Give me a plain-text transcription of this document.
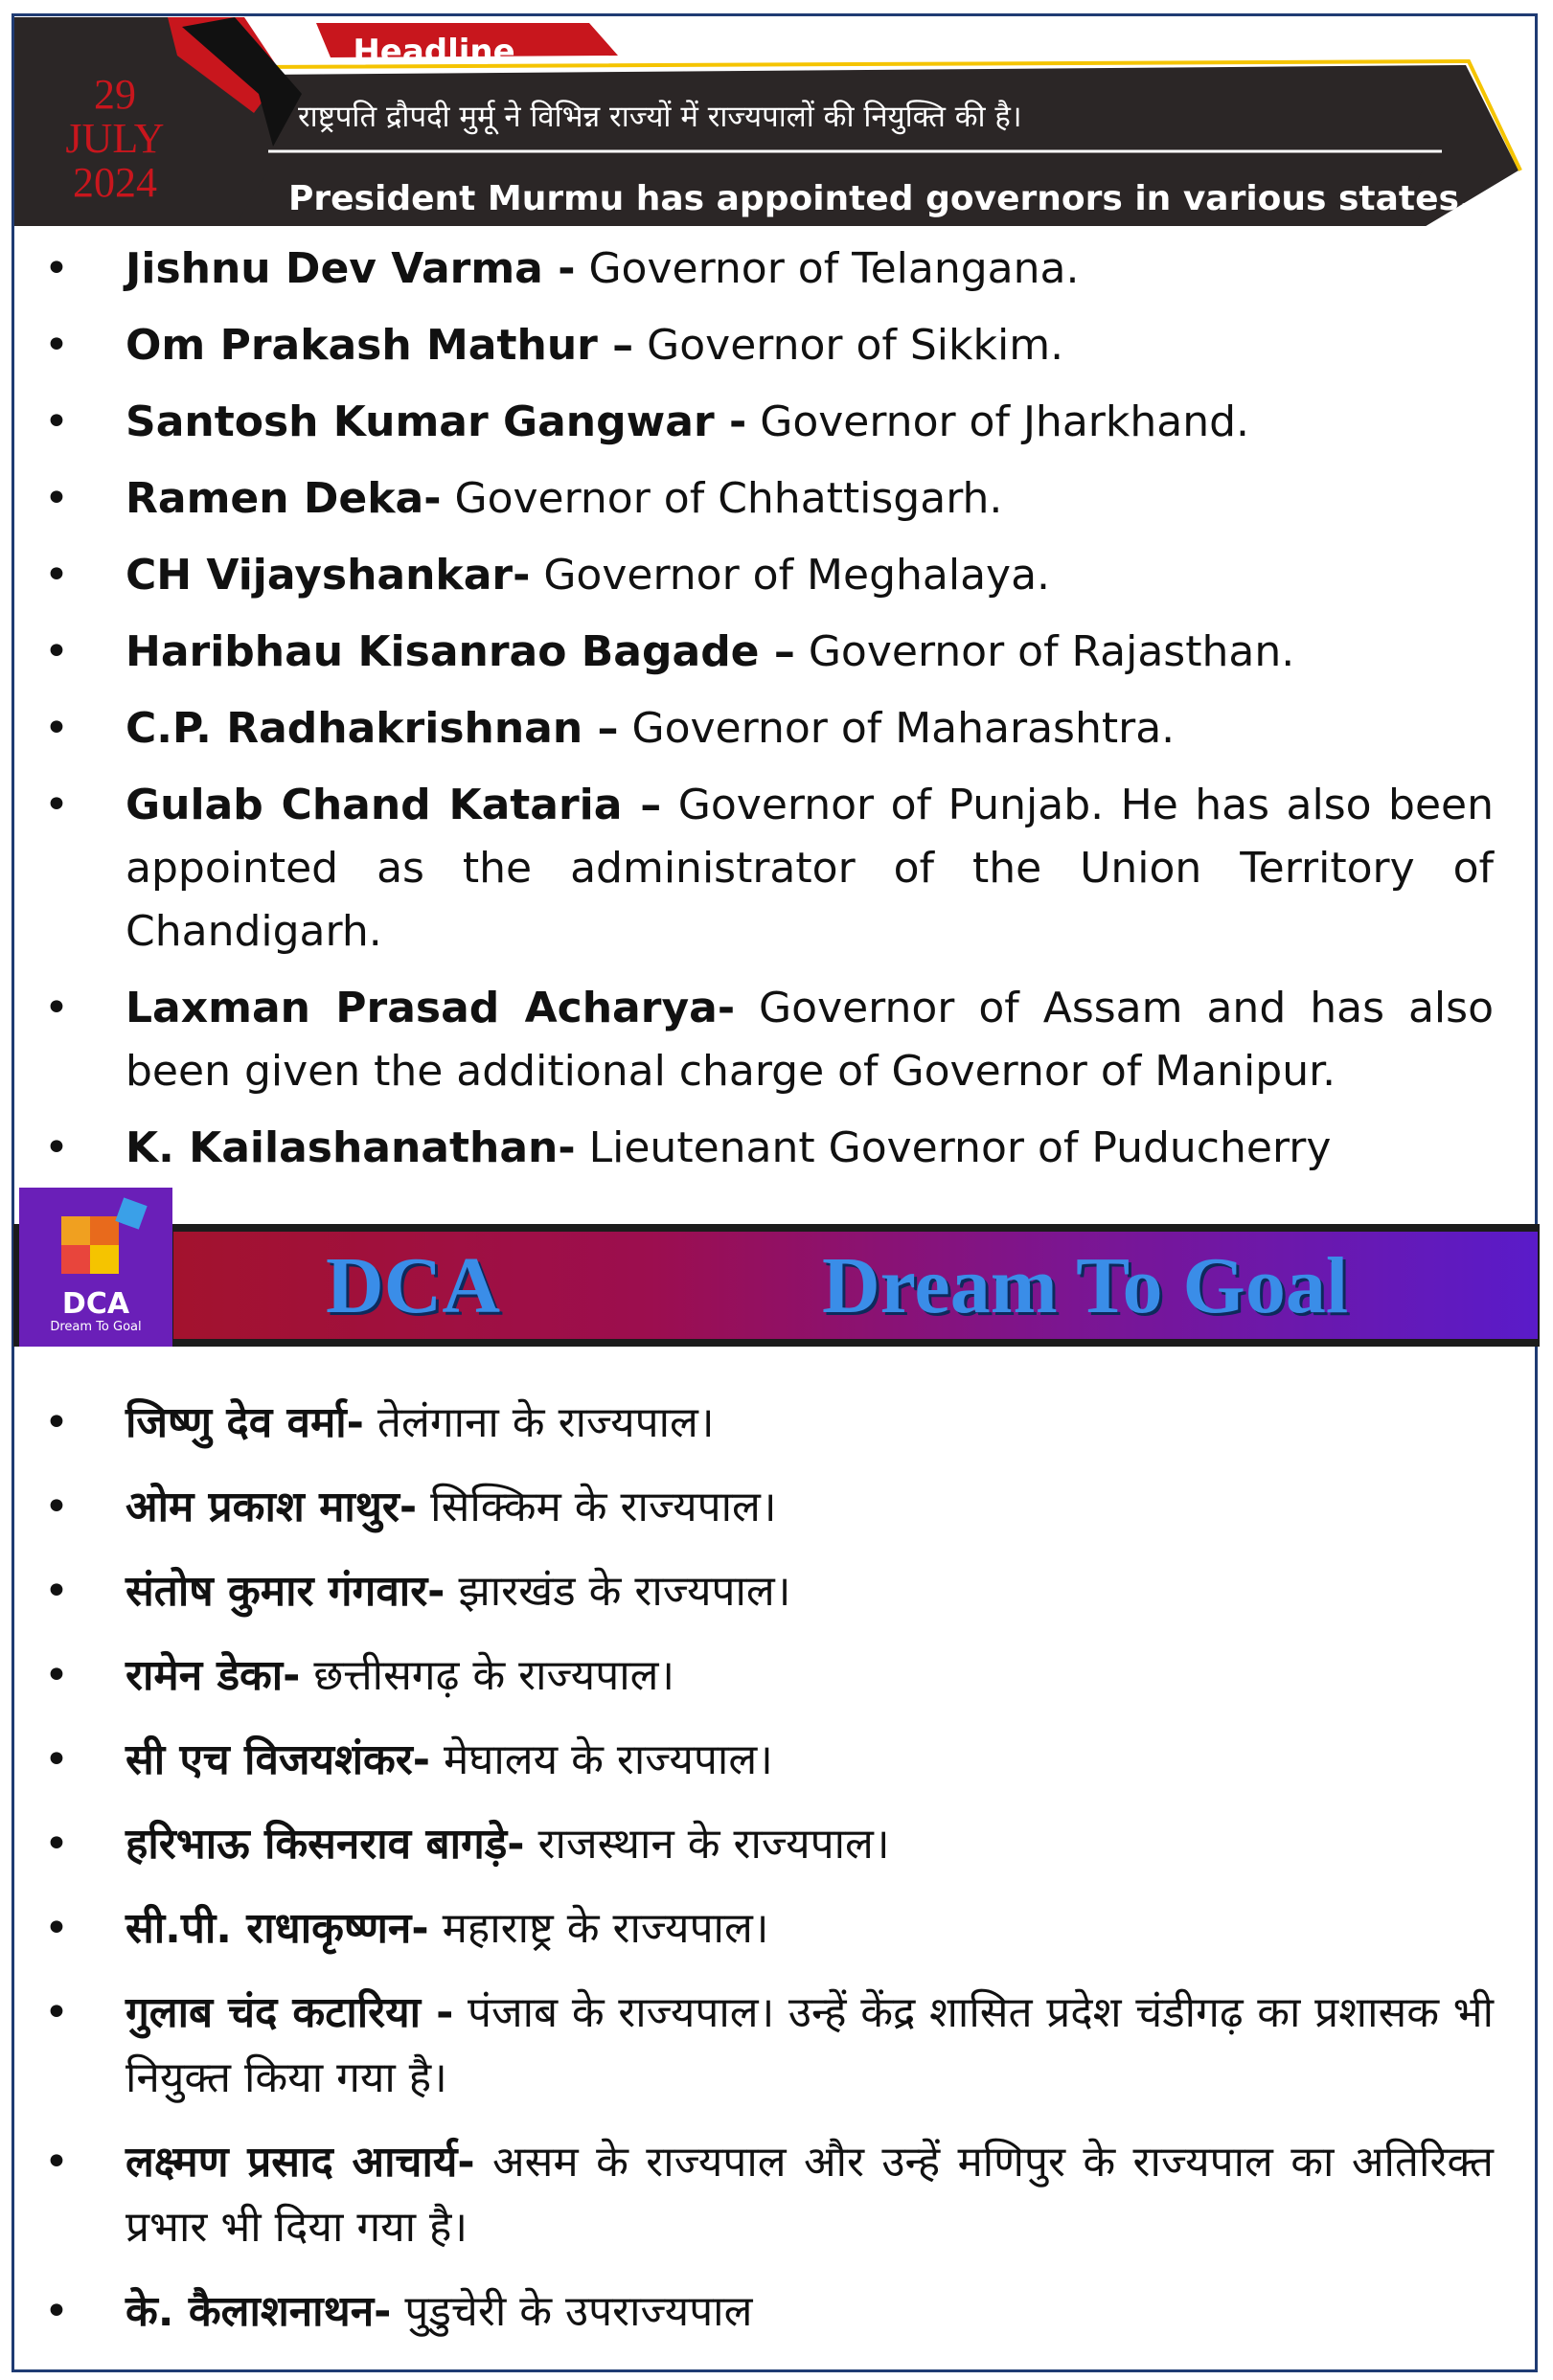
29
JULY
2024
Headline
राष्ट्रपति द्रौपदी मुर्मू ने विभिन्न राज्यों में राज्यपालों की नियुक्ति की है।
President Murmu has appointed governors in various states.
• Jishnu Dev Varma - Governor of Telangana.
• Om Prakash Mathur – Governor of Sikkim.
• Santosh Kumar Gangwar - Governor of Jharkhand.
• Ramen Deka- Governor of Chhattisgarh.
• CH Vijayshankar- Governor of Meghalaya.
• Haribhau Kisanrao Bagade – Governor of Rajasthan.
• C.P. Radhakrishnan – Governor of Maharashtra.
• Gulab Chand Kataria – Governor of Punjab. He has also been appointed as the administrator of the Union Territory of Chandigarh.
• Laxman Prasad Acharya- Governor of Assam and has also been given the additional charge of Governor of Manipur.
• K. Kailashanathan- Lieutenant Governor of Puducherry
DCA
Dream To Goal	DCA	Dream To Goal
• जिष्णु देव वर्मा- तेलंगाना के राज्यपाल।
• ओम प्रकाश माथुर- सिक्किम के राज्यपाल।
• संतोष कुमार गंगवार- झारखंड के राज्यपाल।
• रामेन डेका- छत्तीसगढ़ के राज्यपाल।
• सी एच विजयशंकर- मेघालय के राज्यपाल।
• हरिभाऊ किसनराव बागड़े- राजस्थान के राज्यपाल।
• सी.पी. राधाकृष्णन- महाराष्ट्र के राज्यपाल।
• गुलाब चंद कटारिया - पंजाब के राज्यपाल। उन्हें केंद्र शासित प्रदेश चंडीगढ़ का प्रशासक भी नियुक्त किया गया है।
• लक्ष्मण प्रसाद आचार्य- असम के राज्यपाल और उन्हें मणिपुर के राज्यपाल का अतिरिक्त प्रभार भी दिया गया है।
• के. कैलाशनाथन- पुडुचेरी के उपराज्यपाल
